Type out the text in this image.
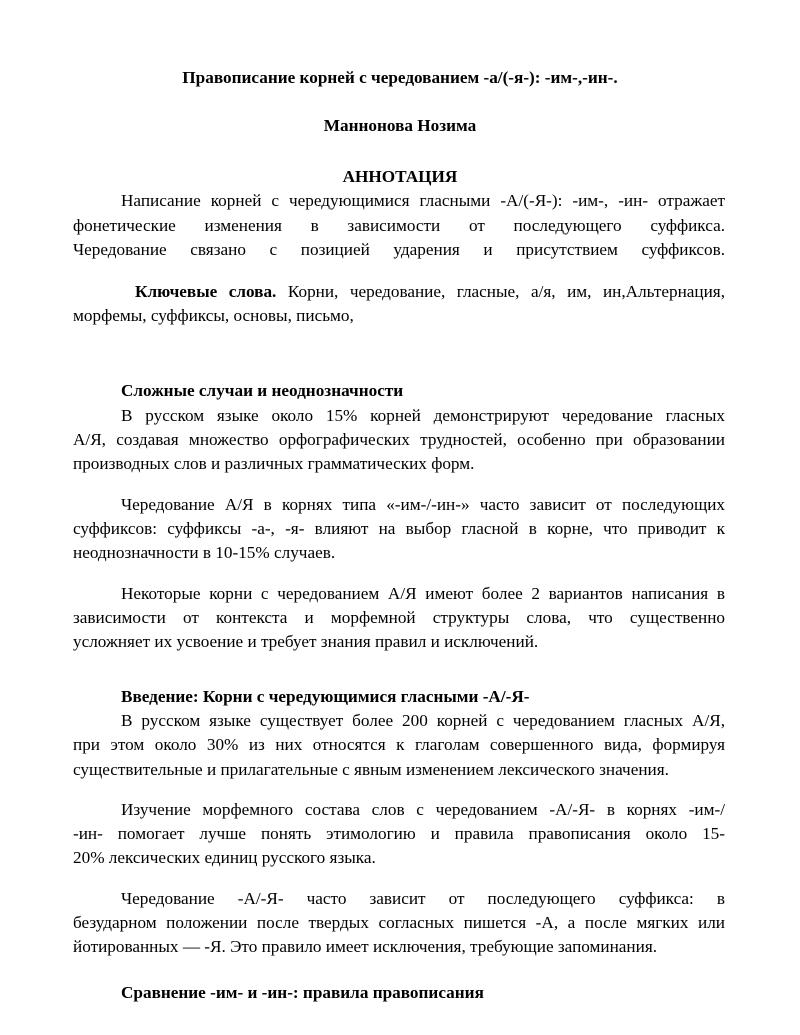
Правописание корней с чередованием -а/(-я-): -им-,-ин-.
Маннонова Нозима
АННОТАЦИЯ
Написание корней с чередующимися гласными -А/(-Я-): -им-, -ин- отражает
фонетические изменения в зависимости от последующего суффикса.
Чередование связано с позицией ударения и присутствием суффиксов.
Ключевые слова. Корни, чередование, гласные, а/я, им, ин,Альтернация,
морфемы, суффиксы, основы, письмо,
Сложные случаи и неоднозначности
В русском языке около 15% корней демонстрируют чередование гласных
А/Я, создавая множество орфографических трудностей, особенно при образовании
производных слов и различных грамматических форм.
Чередование А/Я в корнях типа «-им-/-ин-» часто зависит от последующих
суффиксов: суффиксы -а-, -я- влияют на выбор гласной в корне, что приводит к
неоднозначности в 10-15% случаев.
Некоторые корни с чередованием А/Я имеют более 2 вариантов написания в
зависимости от контекста и морфемной структуры слова, что существенно
усложняет их усвоение и требует знания правил и исключений.
Введение: Корни с чередующимися гласными -А/-Я-
В русском языке существует более 200 корней с чередованием гласных А/Я,
при этом около 30% из них относятся к глаголам совершенного вида, формируя
существительные и прилагательные с явным изменением лексического значения.
Изучение морфемного состава слов с чередованием -А/-Я- в корнях -им-/
-ин- помогает лучше понять этимологию и правила правописания около 15-
20% лексических единиц русского языка.
Чередование -А/-Я- часто зависит от последующего суффикса: в
безударном положении после твердых согласных пишется -А, а после мягких или
йотированных — -Я. Это правило имеет исключения, требующие запоминания.
Сравнение -им- и -ин-: правила правописания
